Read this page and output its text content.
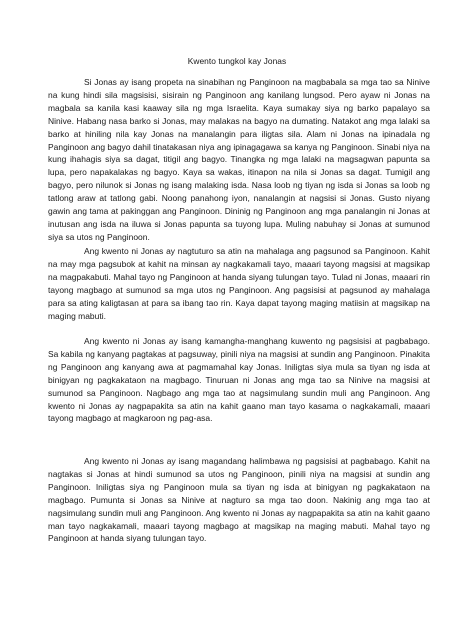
Kwento tungkol kay Jonas

Si Jonas ay isang propeta na sinabihan ng Panginoon na magbabala sa mga tao sa Ninive na kung hindi sila magsisisi, sisirain ng Panginoon ang kanilang lungsod. Pero ayaw ni Jonas na magbala sa kanila kasi kaaway sila ng mga Israelita. Kaya sumakay siya ng barko papalayo sa Ninive. Habang nasa barko si Jonas, may malakas na bagyo na dumating. Natakot ang mga lalaki sa barko at hiniling nila kay Jonas na manalangin para iligtas sila. Alam ni Jonas na ipinadala ng Panginoon ang bagyo dahil tinatakasan niya ang ipinagagawa sa kanya ng Panginoon. Sinabi niya na kung ihahagis siya sa dagat, titigil ang bagyo. Tinangka ng mga lalaki na magsagwan papunta sa lupa, pero napakalakas ng bagyo. Kaya sa wakas, itinapon na nila si Jonas sa dagat. Tumigil ang bagyo, pero nilunok si Jonas ng isang malaking isda. Nasa loob ng tiyan ng isda si Jonas sa loob ng tatlong araw at tatlong gabi. Noong panahong iyon, nanalangin at nagsisi si Jonas. Gusto niyang gawin ang tama at pakinggan ang Panginoon. Dininig ng Panginoon ang mga panalangin ni Jonas at inutusan ang isda na iluwa si Jonas papunta sa tuyong lupa. Muling nabuhay si Jonas at sumunod siya sa utos ng Panginoon.

Ang kwento ni Jonas ay nagtuturo sa atin na mahalaga ang pagsunod sa Panginoon. Kahit na may mga pagsubok at kahit na minsan ay nagkakamali tayo, maaari tayong magsisi at magsikap na magpakabuti. Mahal tayo ng Panginoon at handa siyang tulungan tayo. Tulad ni Jonas, maaari rin tayong magbago at sumunod sa mga utos ng Panginoon. Ang pagsisisi at pagsunod ay mahalaga para sa ating kaligtasan at para sa ibang tao rin. Kaya dapat tayong maging matiisin at magsikap na maging mabuti.

Ang kwento ni Jonas ay isang kamangha-manghang kuwento ng pagsisisi at pagbabago. Sa kabila ng kanyang pagtakas at pagsuway, pinili niya na magsisi at sundin ang Panginoon. Pinakita ng Panginoon ang kanyang awa at pagmamahal kay Jonas. Iniligtas siya mula sa tiyan ng isda at binigyan ng pagkakataon na magbago. Tinuruan ni Jonas ang mga tao sa Ninive na magsisi at sumunod sa Panginoon. Nagbago ang mga tao at nagsimulang sundin muli ang Panginoon. Ang kwento ni Jonas ay nagpapakita sa atin na kahit gaano man tayo kasama o nagkakamali, maaari tayong magbago at magkaroon ng pag-asa.

Ang kwento ni Jonas ay isang magandang halimbawa ng pagsisisi at pagbabago. Kahit na nagtakas si Jonas at hindi sumunod sa utos ng Panginoon, pinili niya na magsisi at sundin ang Panginoon. Iniligtas siya ng Panginoon mula sa tiyan ng isda at binigyan ng pagkakataon na magbago. Pumunta si Jonas sa Ninive at nagturo sa mga tao doon. Nakinig ang mga tao at nagsimulang sundin muli ang Panginoon. Ang kwento ni Jonas ay nagpapakita sa atin na kahit gaano man tayo nagkakamali, maaari tayong magbago at magsikap na maging mabuti. Mahal tayo ng Panginoon at handa siyang tulungan tayo.
